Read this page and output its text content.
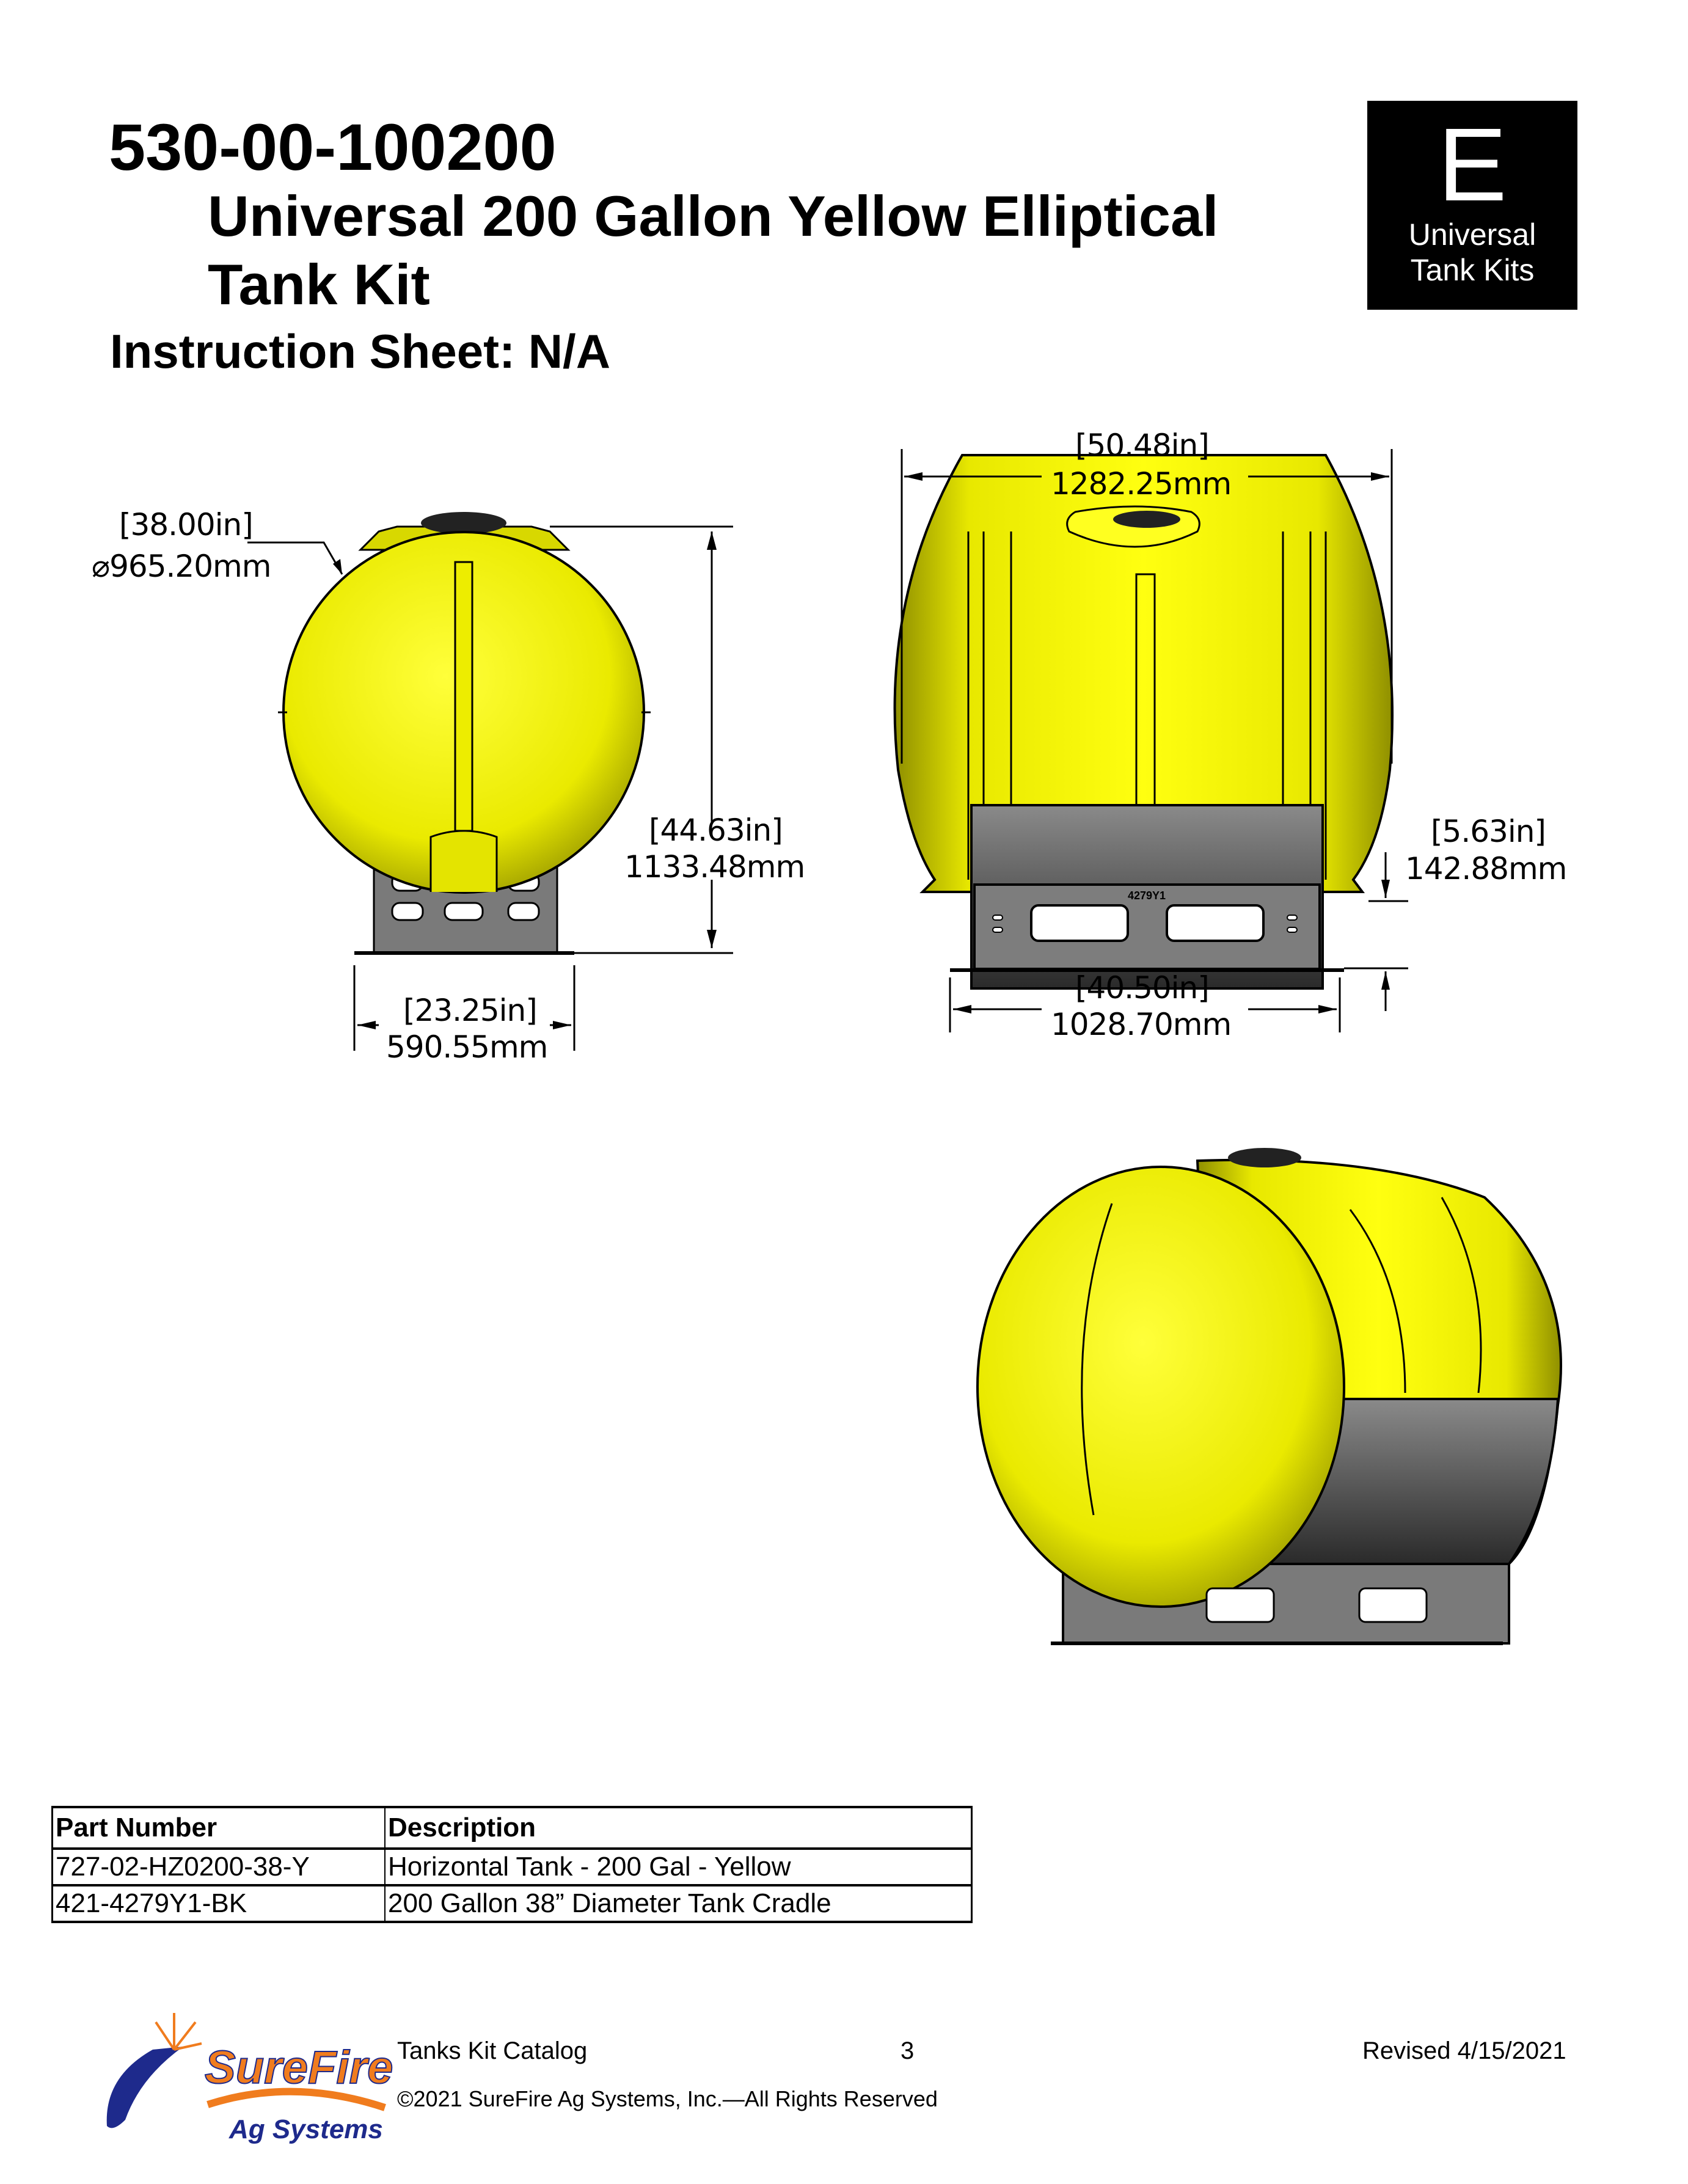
530-00-100200
Universal 200 Gallon Yellow Elliptical
Tank Kit
Instruction Sheet: N/A
E
Universal
Tank Kits
4279Y1
SureFire
Ag Systems
[38.00in]
⌀965.20mm
[44.63in]
1133.48mm
[23.25in]
590.55mm
[50.48in]
1282.25mm
[5.63in]
142.88mm
[40.50in]
1028.70mm
Part Number	Description
727-02-HZ0200-38-Y	Horizontal Tank - 200 Gal - Yellow
421-4279Y1-BK	200 Gallon 38” Diameter Tank Cradle
Tanks Kit Catalog	3	Revised 4/15/2021
©2021 SureFire Ag Systems, Inc.—All Rights Reserved
